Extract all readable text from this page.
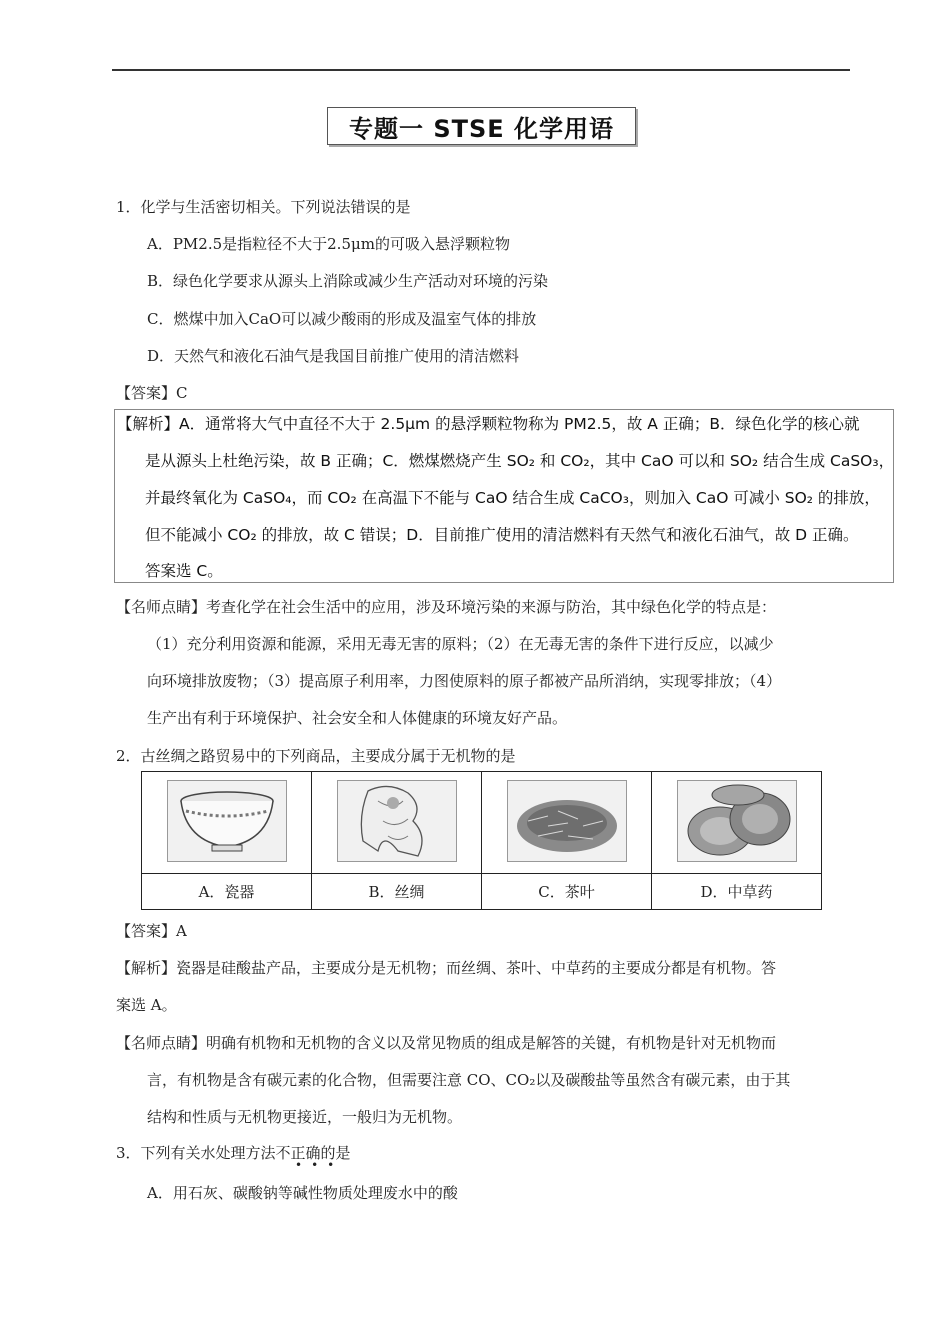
专题一 STSE 化学用语
1．化学与生活密切相关。下列说法错误的是
A．PM2.5是指粒径不大于2.5μm的可吸入悬浮颗粒物
B．绿色化学要求从源头上消除或减少生产活动对环境的污染
C．燃煤中加入CaO可以减少酸雨的形成及温室气体的排放
D．天然气和液化石油气是我国目前推广使用的清洁燃料
【答案】C
【解析】A．通常将大气中直径不大于 2.5μm 的悬浮颗粒物称为 PM2.5，故 A 正确；B．绿色化学的核心就
是从源头上杜绝污染，故 B 正确；C．燃煤燃烧产生 SO₂ 和 CO₂，其中 CaO 可以和 SO₂ 结合生成 CaSO₃，
并最终氧化为 CaSO₄，而 CO₂ 在高温下不能与 CaO 结合生成 CaCO₃，则加入 CaO 可减小 SO₂ 的排放，
但不能减小 CO₂ 的排放，故 C 错误；D．目前推广使用的清洁燃料有天然气和液化石油气，故 D 正确。
答案选 C。
【名师点睛】考查化学在社会生活中的应用，涉及环境污染的来源与防治，其中绿色化学的特点是：
（1）充分利用资源和能源，采用无毒无害的原料；（2）在无毒无害的条件下进行反应，以减少
向环境排放废物；（3）提高原子利用率，力图使原料的原子都被产品所消纳，实现零排放；（4）
生产出有利于环境保护、社会安全和人体健康的环境友好产品。
2．古丝绸之路贸易中的下列商品，主要成分属于无机物的是

A．瓷器	B．丝绸	C．茶叶	D．中草药
【答案】A
【解析】瓷器是硅酸盐产品，主要成分是无机物；而丝绸、茶叶、中草药的主要成分都是有机物。答
案选 A。
【名师点睛】明确有机物和无机物的含义以及常见物质的组成是解答的关键，有机物是针对无机物而
言，有机物是含有碳元素的化合物，但需要注意 CO、CO₂以及碳酸盐等虽然含有碳元素，由于其
结构和性质与无机物更接近，一般归为无机物。
3．下列有关水处理方法不正确的是
•••
A．用石灰、碳酸钠等碱性物质处理废水中的酸
